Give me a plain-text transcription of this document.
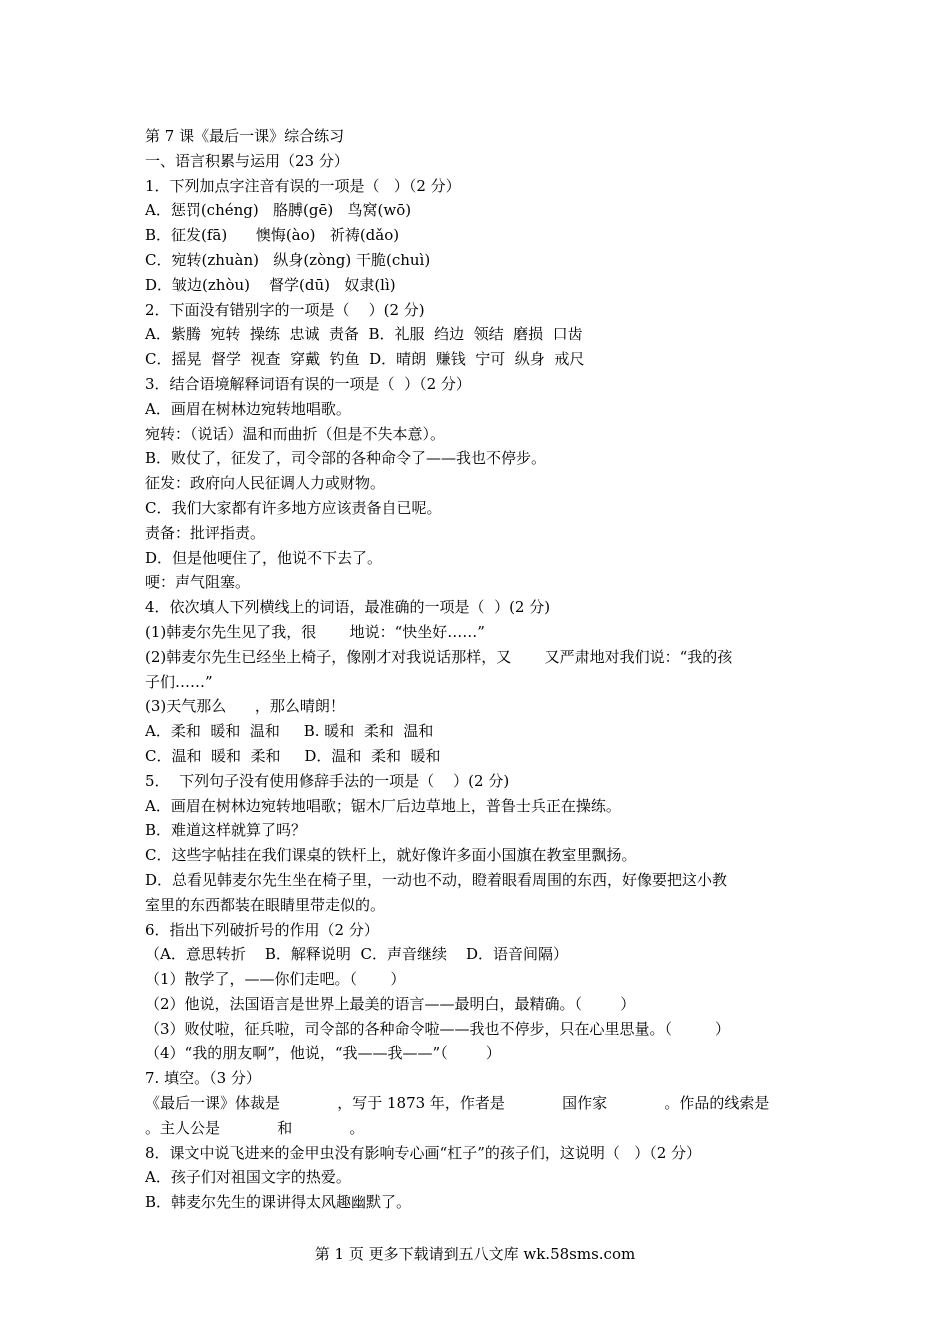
第 7 课《最后一课》综合练习

一、语言积累与运用（23 分）

1．下列加点字注音有误的一项是（   ）（2 分）

A．惩罚(chéng)   胳膊(gē)   鸟窝(wō)

B．征发(fā)      懊悔(ào)   祈祷(dǎo)

C．宛转(zhuàn)   纵身(zòng) 干脆(chuì)

D．皱边(zhòu)    督学(dū)   奴隶(lì)

2．下面没有错别字的一项是（    ）(2 分)

A．紫腾  宛转  操练  忠诚  责备  B．礼服  绉边  领结  磨损  口齿

C．摇晃  督学  视查  穿戴  钓鱼  D．晴朗  赚钱  宁可  纵身  戒尺

3．结合语境解释词语有误的一项是（  ）（2 分）

A．画眉在树林边宛转地唱歌。

宛转：（说话）温和而曲折（但是不失本意）。

B．败仗了，征发了，司令部的各种命令了——我也不停步。

征发：政府向人民征调人力或财物。

C．我们大家都有许多地方应该责备自已呢。

责备：批评指责。

D．但是他哽住了，他说不下去了。

哽：声气阻塞。

4．依次填人下列横线上的词语，最准确的一项是（  ）(2 分)

(1)韩麦尔先生见了我，很       地说：“快坐好……”

(2)韩麦尔先生已经坐上椅子，像刚才对我说话那样，又       又严肃地对我们说：“我的孩

子们……”

(3)天气那么      ，那么晴朗！

A．柔和  暖和  温和     B. 暖和  柔和  温和

C．温和  暖和  柔和     D．温和  柔和  暖和

5．  下列句子没有使用修辞手法的一项是（    ）(2 分)

A．画眉在树林边宛转地唱歌；锯木厂后边草地上，普鲁士兵正在操练。

B．难道这样就算了吗？

C．这些字帖挂在我们课桌的铁杆上，就好像许多面小国旗在教室里飘扬。

D．总看见韩麦尔先生坐在椅子里，一动也不动，瞪着眼看周围的东西，好像要把这小教

室里的东西都装在眼睛里带走似的。

6．指出下列破折号的作用（2 分）

（A．意思转折    B．解释说明  C．声音继续    D．语音间隔）

（1）散学了，——你们走吧。（       ）

（2）他说，法国语言是世界上最美的语言——最明白，最精确。（        ）

（3）败仗啦，征兵啦，司令部的各种命令啦——我也不停步，只在心里思量。（         ）

（4）“我的朋友啊”，他说，“我——我——”（        ）

7. 填空。（3 分）

《最后一课》体裁是            ，写于 1873 年，作者是            国作家            。作品的线索是

。主人公是            和            。

8．课文中说飞进来的金甲虫没有影响专心画“杠子”的孩子们，这说明（   ）（2 分）

A．孩子们对祖国文字的热爱。

B．韩麦尔先生的课讲得太风趣幽默了。

第 1 页 更多下载请到五八文库 wk.58sms.com
